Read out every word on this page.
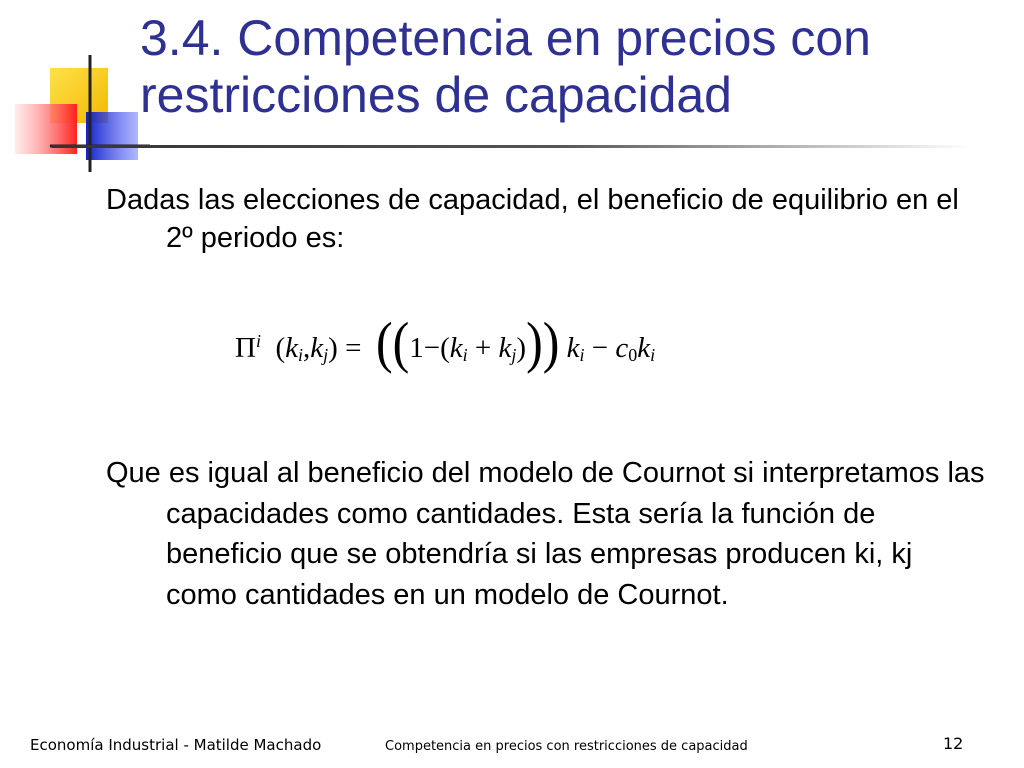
3.4. Competencia en precios con restricciones de capacidad
Dadas las elecciones de capacidad, el beneficio de equilibrio en el 2º periodo es:
$\Pi^i$  $(k_i,k_j) = ((1-(k_i + k_j))) k_i - c_0k_i$
Que es igual al beneficio del modelo de Cournot si interpretamos las capacidades como cantidades. Esta sería la función de beneficio que se obtendría si las empresas producen ki, kj como cantidades en un modelo de Cournot.
Economía Industrial - Matilde Machado	Competencia en precios con restricciones de capacidad	12
